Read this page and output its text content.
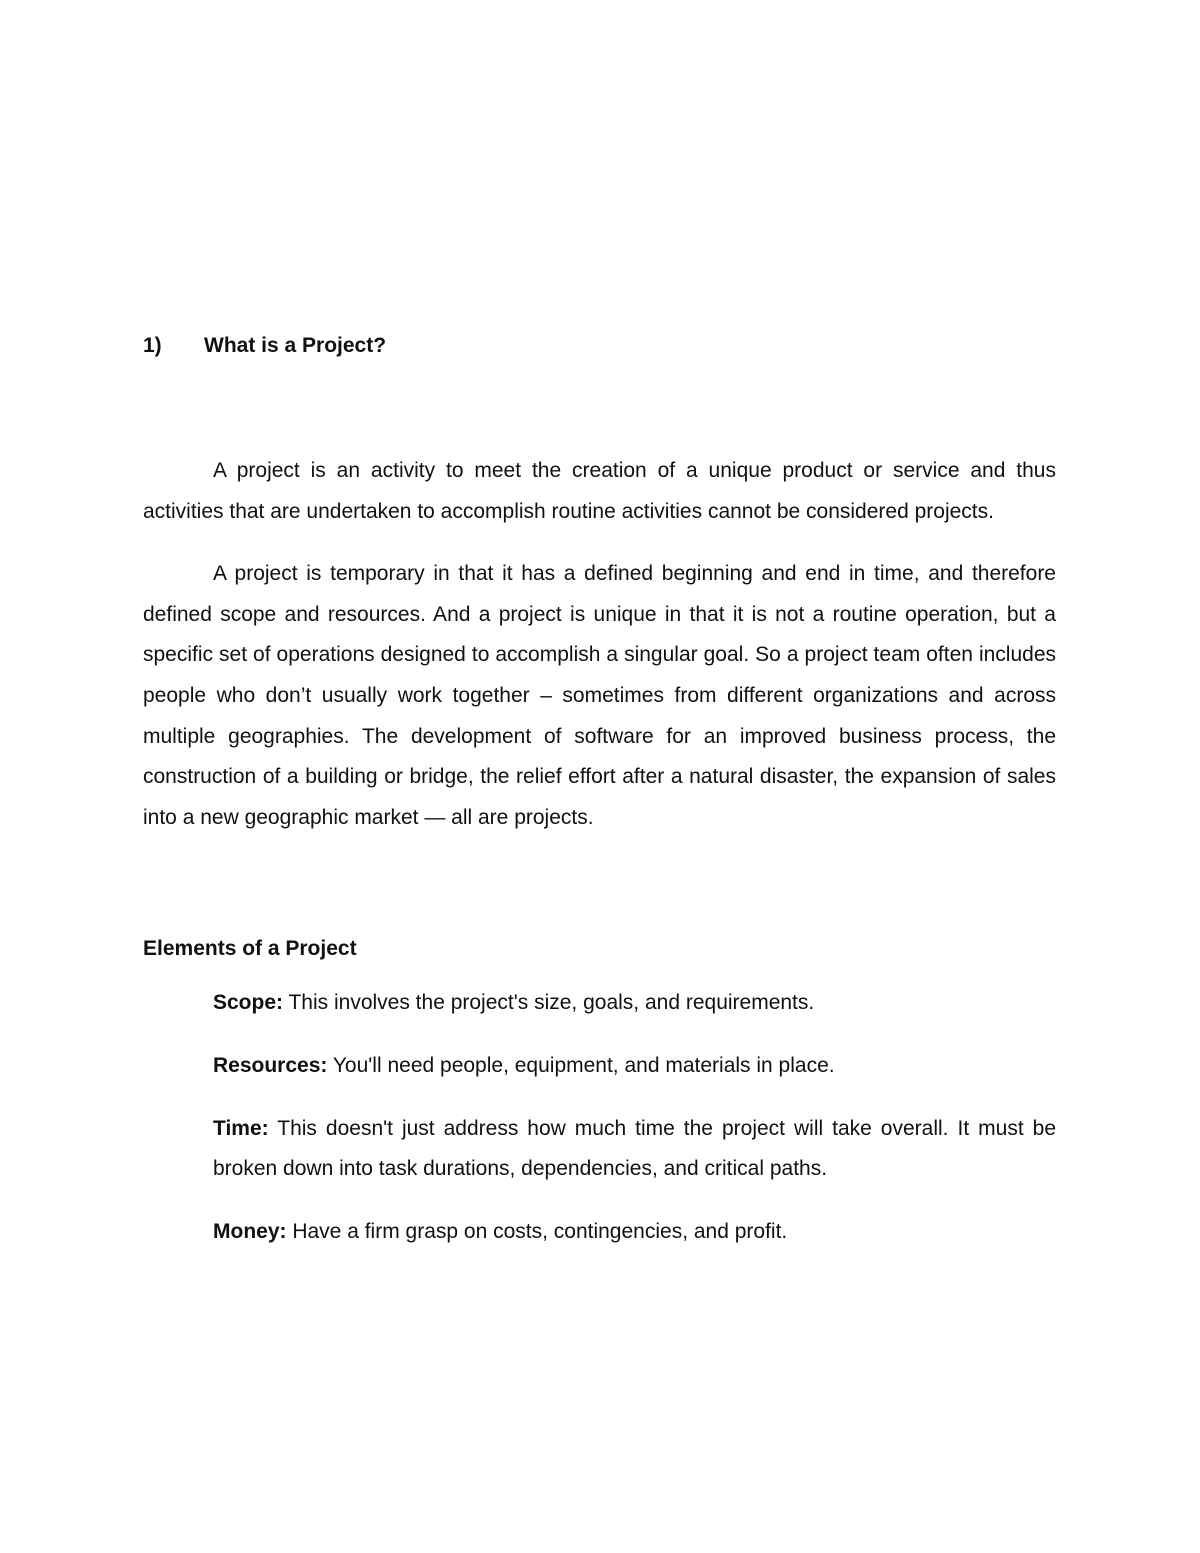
1)	What is a Project?

A project is an activity to meet the creation of a unique product or service and thus activities that are undertaken to accomplish routine activities cannot be considered projects.

A project is temporary in that it has a defined beginning and end in time, and therefore defined scope and resources. And a project is unique in that it is not a routine operation, but a specific set of operations designed to accomplish a singular goal. So a project team often includes people who don’t usually work together – sometimes from different organizations and across multiple geographies. The development of software for an improved business process, the construction of a building or bridge, the relief effort after a natural disaster, the expansion of sales into a new geographic market — all are projects.

Elements of a Project

Scope: This involves the project's size, goals, and requirements.

Resources: You'll need people, equipment, and materials in place.

Time: This doesn't just address how much time the project will take overall. It must be broken down into task durations, dependencies, and critical paths.

Money: Have a firm grasp on costs, contingencies, and profit.
